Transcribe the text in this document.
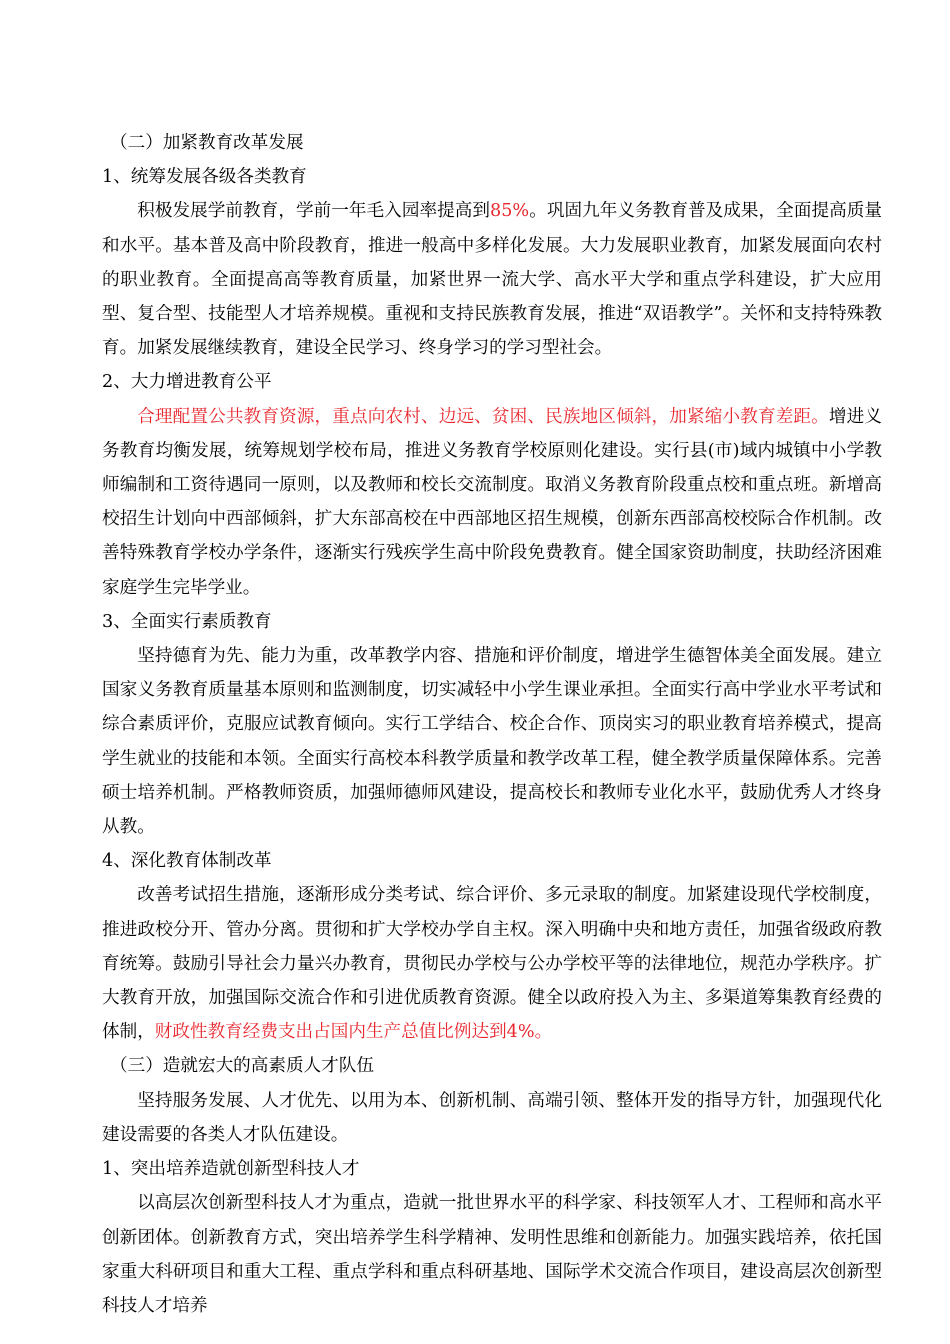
（二）加紧教育改革发展

1、统筹发展各级各类教育

积极发展学前教育，学前一年毛入园率提高到85%。巩固九年义务教育普及成果，全面提高质量和水平。基本普及高中阶段教育，推进一般高中多样化发展。大力发展职业教育，加紧发展面向农村的职业教育。全面提高高等教育质量，加紧世界一流大学、高水平大学和重点学科建设，扩大应用型、复合型、技能型人才培养规模。重视和支持民族教育发展，推进“双语教学”。关怀和支持特殊教育。加紧发展继续教育，建设全民学习、终身学习的学习型社会。

2、大力增进教育公平

合理配置公共教育资源，重点向农村、边远、贫困、民族地区倾斜，加紧缩小教育差距。增进义务教育均衡发展，统筹规划学校布局，推进义务教育学校原则化建设。实行县(市)域内城镇中小学教师编制和工资待遇同一原则，以及教师和校长交流制度。取消义务教育阶段重点校和重点班。新增高校招生计划向中西部倾斜，扩大东部高校在中西部地区招生规模，创新东西部高校校际合作机制。改善特殊教育学校办学条件，逐渐实行残疾学生高中阶段免费教育。健全国家资助制度，扶助经济困难家庭学生完毕学业。

3、全面实行素质教育

坚持德育为先、能力为重，改革教学内容、措施和评价制度，增进学生德智体美全面发展。建立国家义务教育质量基本原则和监测制度，切实减轻中小学生课业承担。全面实行高中学业水平考试和综合素质评价，克服应试教育倾向。实行工学结合、校企合作、顶岗实习的职业教育培养模式，提高学生就业的技能和本领。全面实行高校本科教学质量和教学改革工程，健全教学质量保障体系。完善硕士培养机制。严格教师资质，加强师德师风建设，提高校长和教师专业化水平，鼓励优秀人才终身从教。

4、深化教育体制改革

改善考试招生措施，逐渐形成分类考试、综合评价、多元录取的制度。加紧建设现代学校制度，推进政校分开、管办分离。贯彻和扩大学校办学自主权。深入明确中央和地方责任，加强省级政府教育统筹。鼓励引导社会力量兴办教育，贯彻民办学校与公办学校平等的法律地位，规范办学秩序。扩大教育开放，加强国际交流合作和引进优质教育资源。健全以政府投入为主、多渠道筹集教育经费的体制，财政性教育经费支出占国内生产总值比例达到4%。

（三）造就宏大的高素质人才队伍

坚持服务发展、人才优先、以用为本、创新机制、高端引领、整体开发的指导方针，加强现代化建设需要的各类人才队伍建设。

1、突出培养造就创新型科技人才

以高层次创新型科技人才为重点，造就一批世界水平的科学家、科技领军人才、工程师和高水平创新团体。创新教育方式，突出培养学生科学精神、发明性思维和创新能力。加强实践培养，依托国家重大科研项目和重大工程、重点学科和重点科研基地、国际学术交流合作项目，建设高层次创新型科技人才培养
